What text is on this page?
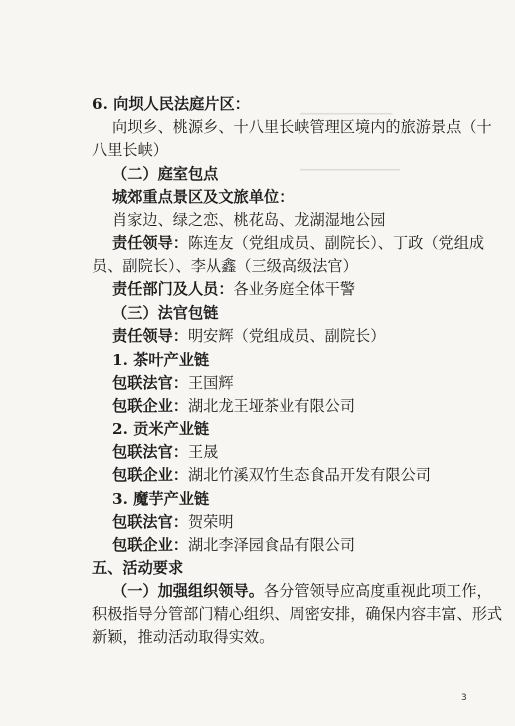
▁▁▁▁▁▁▁▁▁▁▁▁
▁▁▁▁▁▁▁▁▁▁▁▁▁
6. 向坝人民法庭片区：
向坝乡、桃源乡、十八里长峡管理区境内的旅游景点（十
八里长峡）
（二）庭室包点
城郊重点景区及文旅单位：
肖家边、绿之恋、桃花岛、龙湖湿地公园
责任领导：陈连友（党组成员、副院长）、丁政（党组成
员、副院长）、李从鑫（三级高级法官）
责任部门及人员：各业务庭全体干警
（三）法官包链
责任领导：明安辉（党组成员、副院长）
1. 茶叶产业链
包联法官：王国辉
包联企业：湖北龙王垭茶业有限公司
2. 贡米产业链
包联法官：王晟
包联企业：湖北竹溪双竹生态食品开发有限公司
3. 魔芋产业链
包联法官：贺荣明
包联企业：湖北李泽园食品有限公司
五、活动要求
（一）加强组织领导。各分管领导应高度重视此项工作，
积极指导分管部门精心组织、周密安排，确保内容丰富、形式
新颖，推动活动取得实效。
3
